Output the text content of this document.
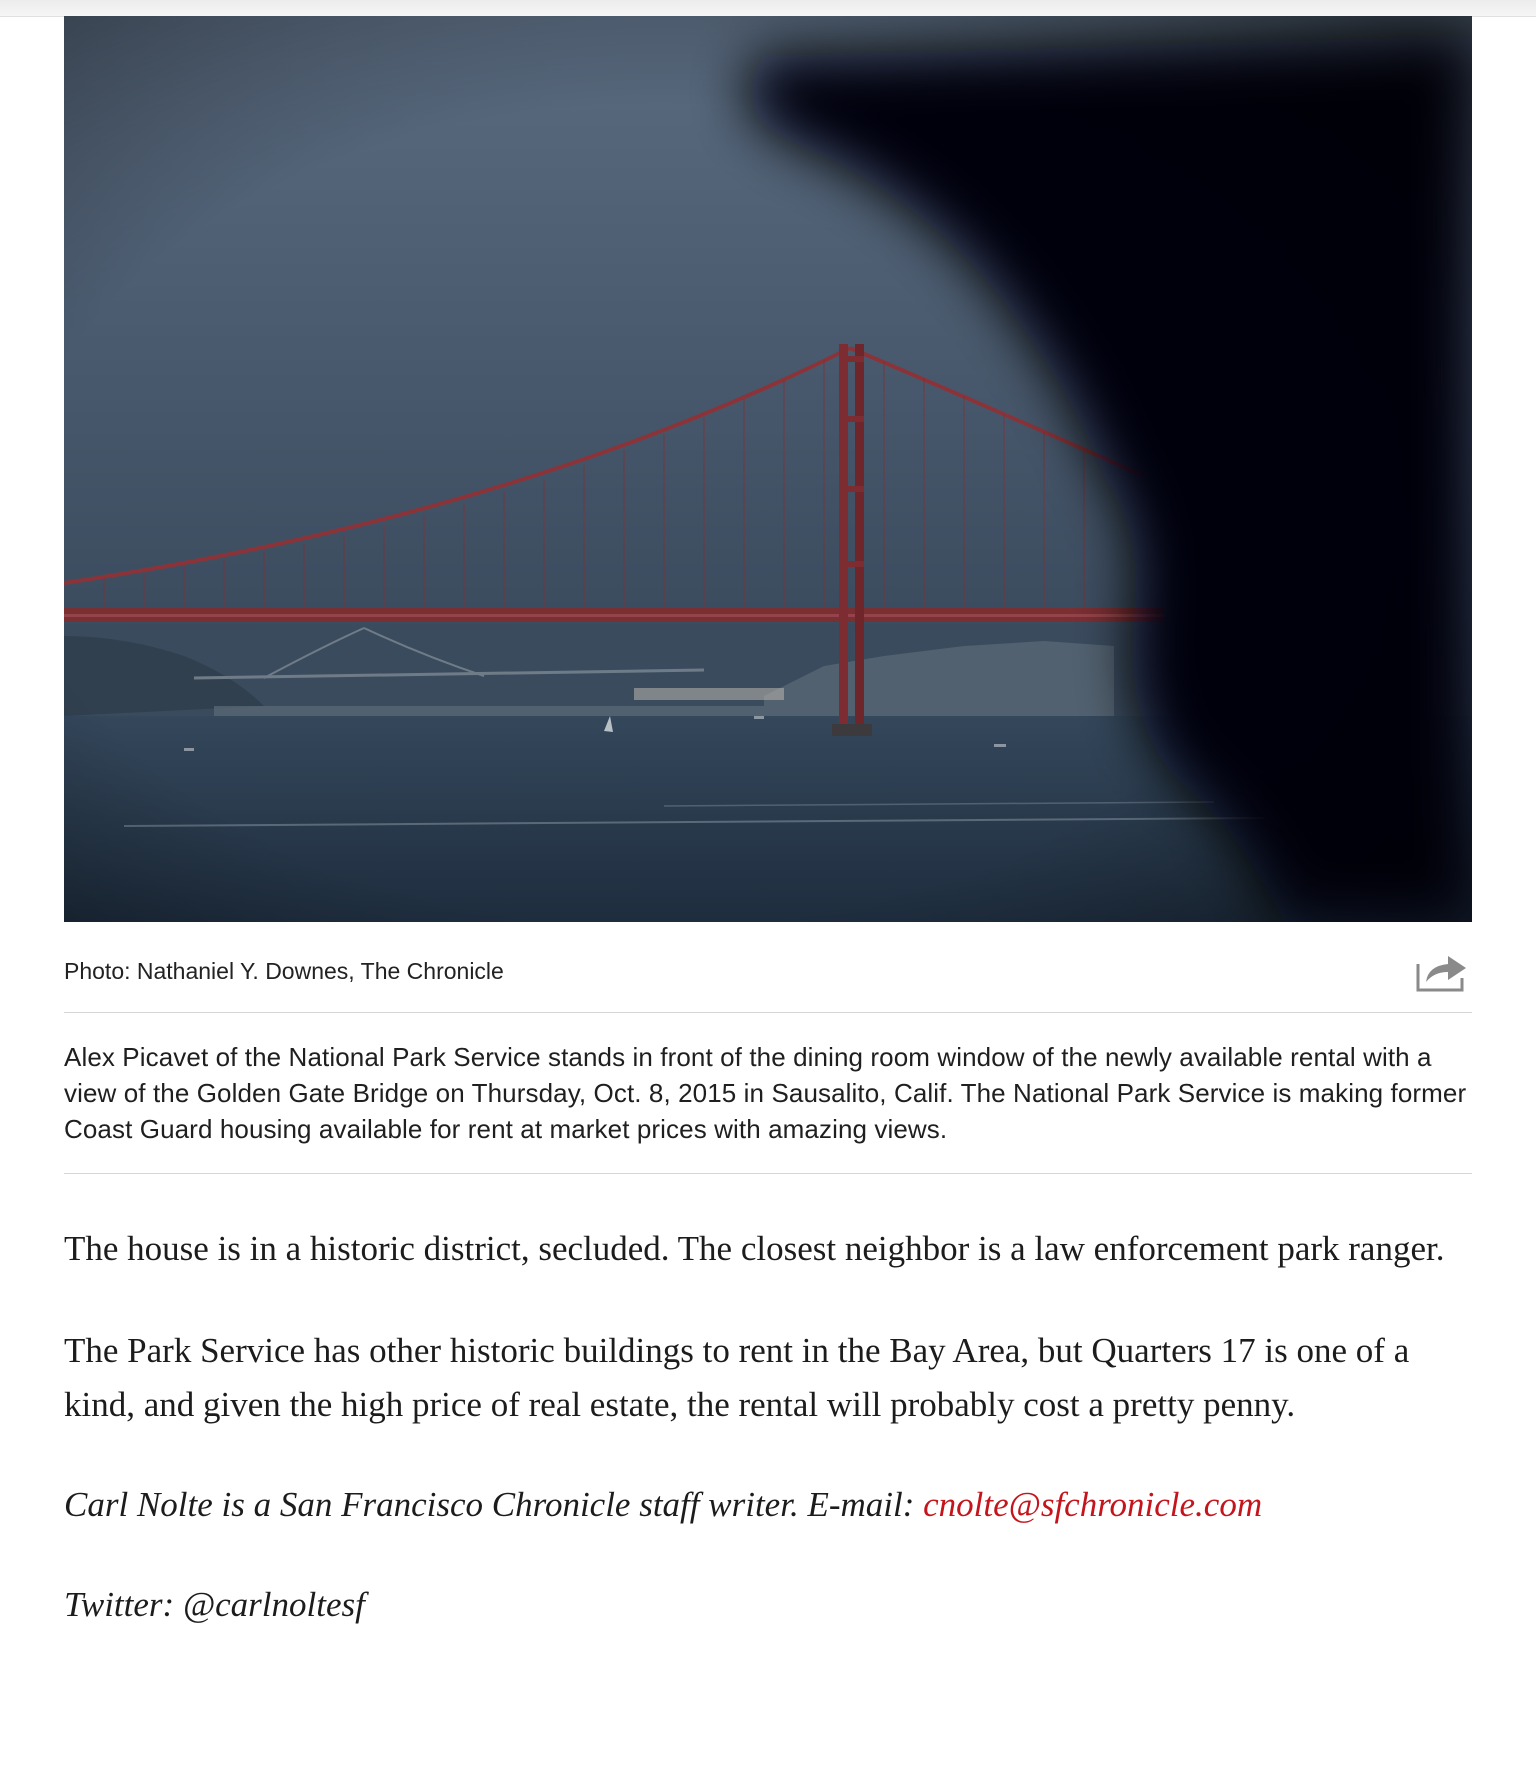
Photo: Nathaniel Y. Downes, The Chronicle
Alex Picavet of the National Park Service stands in front of the dining room window of the newly available rental with a view of the Golden Gate Bridge on Thursday, Oct. 8, 2015 in Sausalito, Calif. The National Park Service is making former Coast Guard housing available for rent at market prices with amazing views.

The house is in a historic district, secluded. The closest neighbor is a law enforcement park ranger.

The Park Service has other historic buildings to rent in the Bay Area, but Quarters 17 is one of a kind, and given the high price of real estate, the rental will probably cost a pretty penny.

Carl Nolte is a San Francisco Chronicle staff writer. E-mail: cnolte@sfchronicle.com

Twitter: @carlnoltesf
